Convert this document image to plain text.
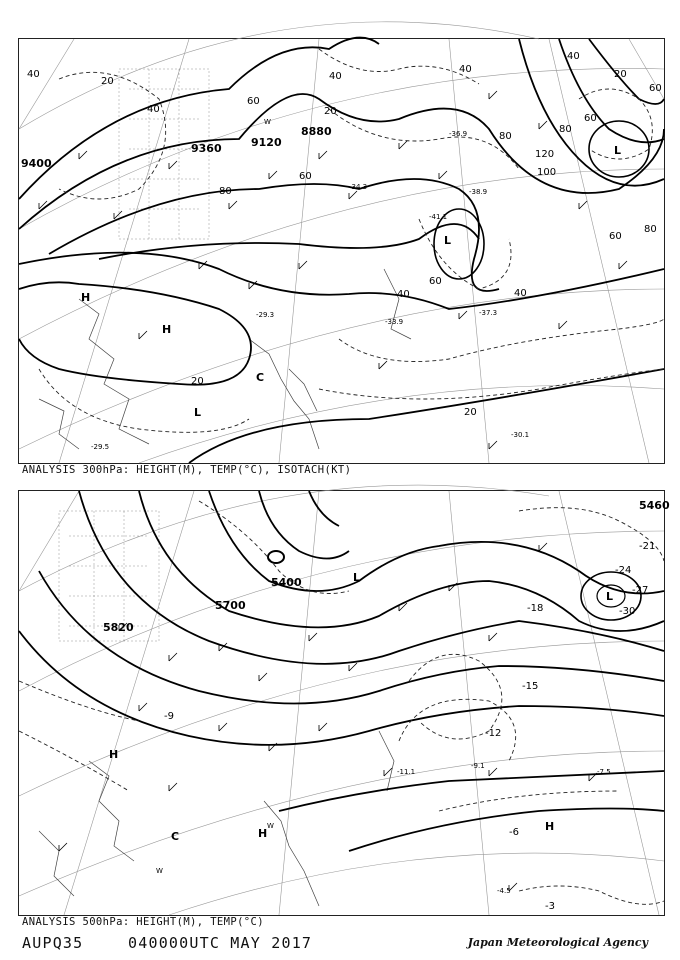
9400
9360	9120
8880
40
20
40
60
80
80
60
40
20
40
60
40
20
40
20
60
80
100
120
60
80
40
60
20
H
H
L
L
L
C
W
-29.3
-33.9
-37.3
-30.1
-29.5
-41.1
-34.3
-38.9
-36.9
ANALYSIS 300hPa: HEIGHT(M), TEMP(°C), ISOTACH(KT)
5820
5700
5460
5400
-24
-27
-30
-21
-18
-15
-12
-9
-6
-3
H
H
H
L
L
C
W
W
-11.1
-9.1
-7.5
-4.5
ANALYSIS 500hPa: HEIGHT(M), TEMP(°C)
AUPQ35	040000UTC MAY 2017	Japan Meteorological Agency
